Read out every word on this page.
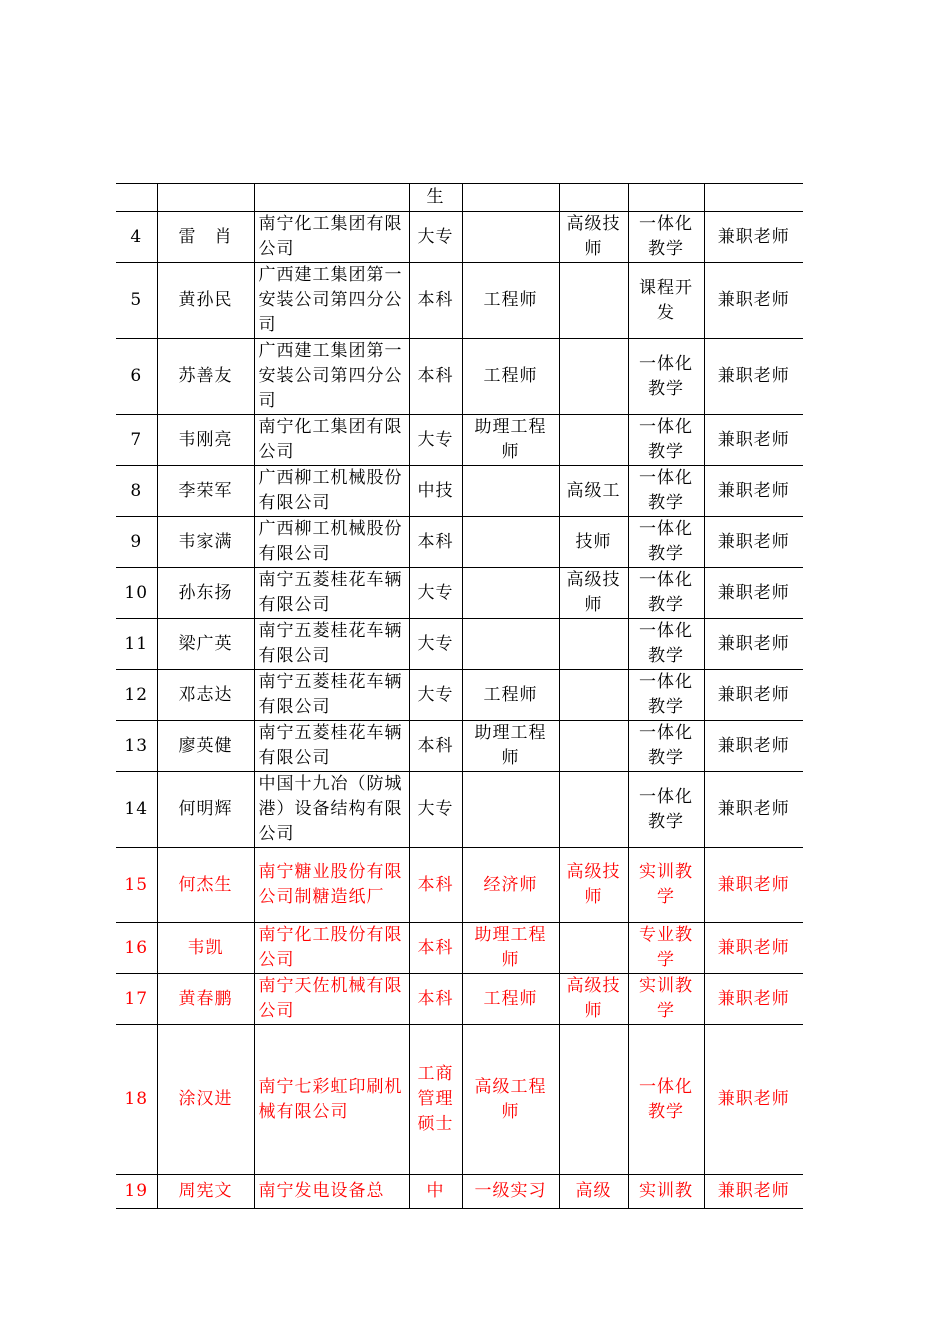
			生				

4	雷　肖	南宁化工集团有限公司	大专		高级技师	一体化教学	兼职老师
5	黄孙民	广西建工集团第一安装公司第四分公司	本科	工程师		课程开发	兼职老师
6	苏善友	广西建工集团第一安装公司第四分公司	本科	工程师		一体化教学	兼职老师
7	韦刚亮	南宁化工集团有限公司	大专	助理工程师		一体化教学	兼职老师
8	李荣军	广西柳工机械股份有限公司	中技		高级工	一体化教学	兼职老师
9	韦家满	广西柳工机械股份有限公司	本科		技师	一体化教学	兼职老师
10	孙东扬	南宁五菱桂花车辆有限公司	大专		高级技师	一体化教学	兼职老师
11	梁广英	南宁五菱桂花车辆有限公司	大专			一体化教学	兼职老师
12	邓志达	南宁五菱桂花车辆有限公司	大专	工程师		一体化教学	兼职老师
13	廖英健	南宁五菱桂花车辆有限公司	本科	助理工程师		一体化教学	兼职老师
14	何明辉	中国十九冶（防城港）设备结构有限公司	大专			一体化教学	兼职老师
15	何杰生	南宁糖业股份有限公司制糖造纸厂	本科	经济师	高级技师	实训教学	兼职老师
16	韦凯	南宁化工股份有限公司	本科	助理工程师		专业教学	兼职老师
17	黄春鹏	南宁天佐机械有限公司	本科	工程师	高级技师	实训教学	兼职老师
18	涂汉进	南宁七彩虹印刷机械有限公司	工商管理硕士	高级工程师		一体化教学	兼职老师

19	周宪文	南宁发电设备总	中	一级实习	高级	实训教	兼职老师
